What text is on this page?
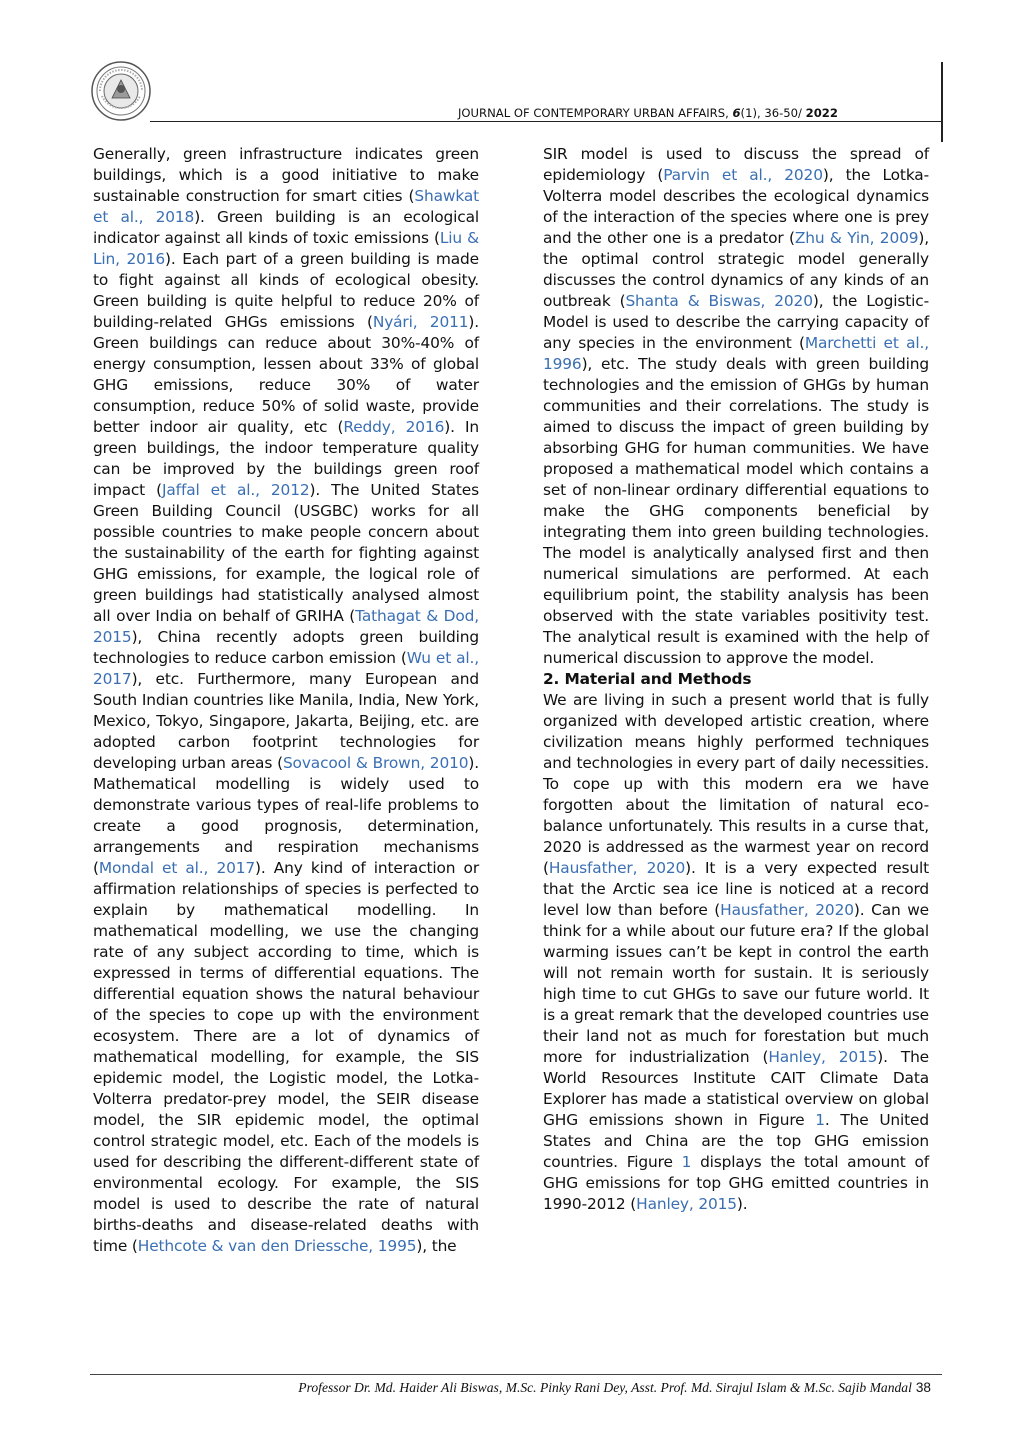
JOURNAL OF CONTEMPORARY URBAN AFFAIRS, 6(1), 36-50/ 2022

Generally, green infrastructure indicates green buildings, which is a good initiative to make sustainable construction for smart cities (Shawkat et al., 2018). Green building is an ecological indicator against all kinds of toxic emissions (Liu & Lin, 2016). Each part of a green building is made to fight against all kinds of ecological obesity. Green building is quite helpful to reduce 20% of building-related GHGs emissions (Nyári, 2011). Green buildings can reduce about 30%-40% of energy consumption, lessen about 33% of global GHG emissions, reduce 30% of water consumption, reduce 50% of solid waste, provide better indoor air quality, etc (Reddy, 2016). In green buildings, the indoor temperature quality can be improved by the buildings green roof impact (Jaffal et al., 2012). The United States Green Building Council (USGBC) works for all possible countries to make people concern about the sustainability of the earth for fighting against GHG emissions, for example, the logical role of green buildings had statistically analysed almost all over India on behalf of GRIHA (Tathagat & Dod, 2015), China recently adopts green building technologies to reduce carbon emission (Wu et al., 2017), etc. Furthermore, many European and South Indian countries like Manila, India, New York, Mexico, Tokyo, Singapore, Jakarta, Beijing, etc. are adopted carbon footprint technologies for developing urban areas (Sovacool & Brown, 2010). Mathematical modelling is widely used to demonstrate various types of real-life problems to create a good prognosis, determination, arrangements and respiration mechanisms (Mondal et al., 2017). Any kind of interaction or affirmation relationships of species is perfected to explain by mathematical modelling. In mathematical modelling, we use the changing rate of any subject according to time, which is expressed in terms of differential equations. The differential equation shows the natural behaviour of the species to cope up with the environment ecosystem. There are a lot of dynamics of mathematical modelling, for example, the SIS epidemic model, the Logistic model, the Lotka-Volterra predator-prey model, the SEIR disease model, the SIR epidemic model, the optimal control strategic model, etc. Each of the models is used for describing the different-different state of environmental ecology. For example, the SIS model is used to describe the rate of natural births-deaths and disease-related deaths with time (Hethcote & van den Driessche, 1995), the

SIR model is used to discuss the spread of epidemiology (Parvin et al., 2020), the Lotka-Volterra model describes the ecological dynamics of the interaction of the species where one is prey and the other one is a predator (Zhu & Yin, 2009), the optimal control strategic model generally discusses the control dynamics of any kinds of an outbreak (Shanta & Biswas, 2020), the Logistic-Model is used to describe the carrying capacity of any species in the environment (Marchetti et al., 1996), etc. The study deals with green building technologies and the emission of GHGs by human communities and their correlations. The study is aimed to discuss the impact of green building by absorbing GHG for human communities. We have proposed a mathematical model which contains a set of non-linear ordinary differential equations to make the GHG components beneficial by integrating them into green building technologies. The model is analytically analysed first and then numerical simulations are performed. At each equilibrium point, the stability analysis has been observed with the state variables positivity test. The analytical result is examined with the help of numerical discussion to approve the model.

2. Material and Methods

We are living in such a present world that is fully organized with developed artistic creation, where civilization means highly performed techniques and technologies in every part of daily necessities. To cope up with this modern era we have forgotten about the limitation of natural eco-balance unfortunately. This results in a curse that, 2020 is addressed as the warmest year on record (Hausfather, 2020). It is a very expected result that the Arctic sea ice line is noticed at a record level low than before (Hausfather, 2020). Can we think for a while about our future era? If the global warming issues can’t be kept in control the earth will not remain worth for sustain. It is seriously high time to cut GHGs to save our future world. It is a great remark that the developed countries use their land not as much for forestation but much more for industrialization (Hanley, 2015). The World Resources Institute CAIT Climate Data Explorer has made a statistical overview on global GHG emissions shown in Figure 1. The United States and China are the top GHG emission countries. Figure 1 displays the total amount of GHG emissions for top GHG emitted countries in 1990-2012 (Hanley, 2015).

Professor Dr. Md. Haider Ali Biswas, M.Sc. Pinky Rani Dey, Asst. Prof. Md. Sirajul Islam & M.Sc. Sajib Mandal 38
